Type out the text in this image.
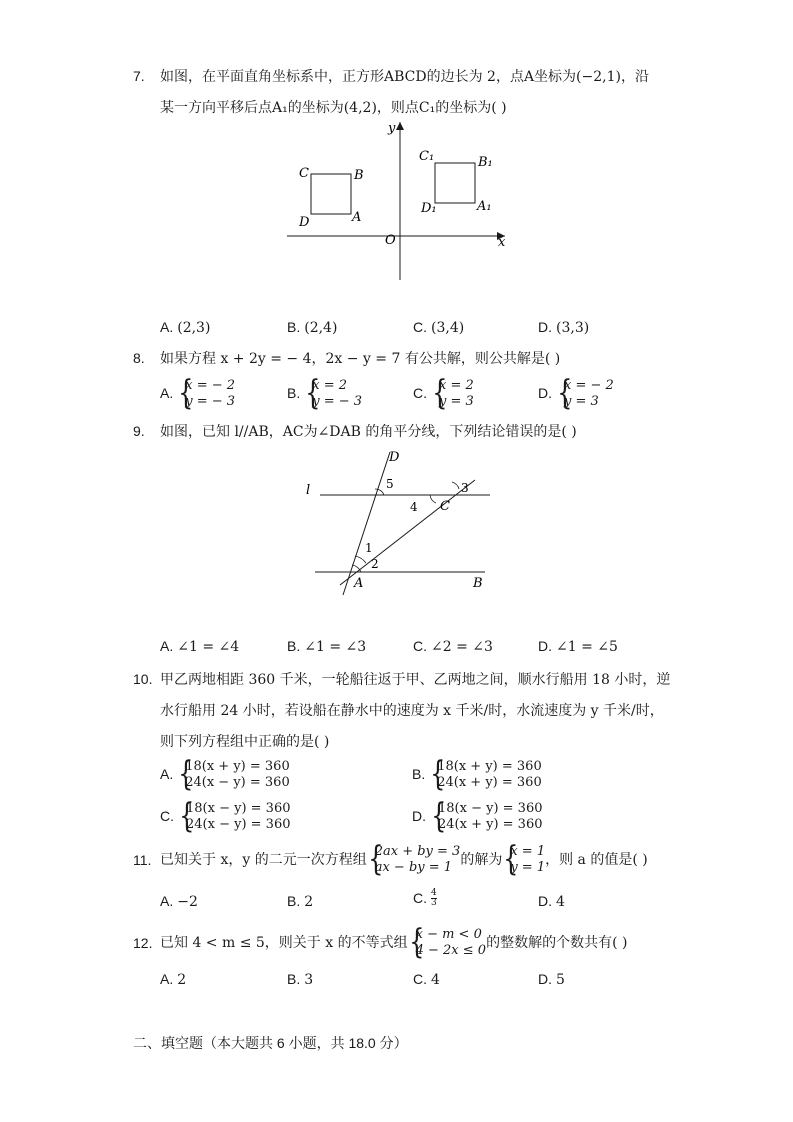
7. 如图，在平面直角坐标系中，正方形ABCD的边长为 2，点A坐标为(−2,1)，沿
某一方向平移后点A₁的坐标为(4,2)，则点C₁的坐标为( )
C	B
D	A
O	x
y
C₁	B₁
D₁	A₁
A. (2,3)	B. (2,4)	C. (3,4)	D. (3,3)
8. 如果方程 x + 2y = − 4，2x − y = 7 有公共解，则公共解是( )
A. { x = − 2
y = − 3
B. { x = 2
y = − 3
C. { x = 2
y = 3
D. { x = − 2
y = 3
9. 如图，已知 l//AB，AC为∠DAB 的角平分线，下列结论错误的是( )
D
l	5	3
4 C
1
2
A	B
A. ∠1 = ∠4	B. ∠1 = ∠3	C. ∠2 = ∠3	D. ∠1 = ∠5
10. 甲乙两地相距 360 千米，一轮船往返于甲、乙两地之间，顺水行船用 18 小时，逆
水行船用 24 小时，若设船在静水中的速度为 x 千米/时，水流速度为 y 千米/时，
则下列方程组中正确的是( )
A. { 18(x + y) = 360
24(x − y) = 360
B. { 18(x + y) = 360
24(x + y) = 360
C. { 18(x − y) = 360
24(x − y) = 360
D. { 18(x − y) = 360
24(x + y) = 360
11. 已知关于 x，y 的二元一次方程组
{ 2ax + by = 3
ax − by = 1 的解为
{ x = 1
y = 1 ，则 a 的值是( )
A. −2	B. 2	C. $\frac{4}{3}$	D. 4
12. 已知 4 < m ≤ 5，则关于 x 的不等式组
{ x − m < 0
4 − 2x ≤ 0 的整数解的个数共有( )
A. 2	B. 3	C. 4	D. 5
二、填空题（本大题共 6 小题，共 18.0 分）
